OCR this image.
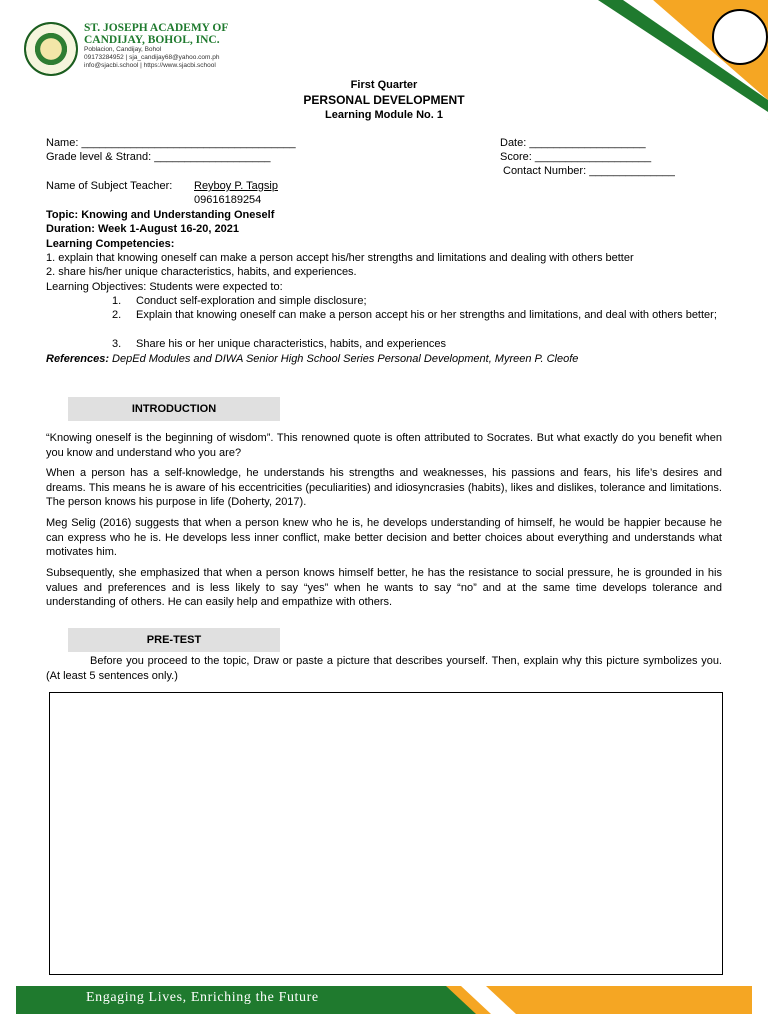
ST. JOSEPH ACADEMY OF
CANDIJAY, BOHOL, INC.
Poblacion, Candijay, Bohol
09173284952 | sja_candijay68@yahoo.com.ph
info@sjacbi.school | https://www.sjacbi.school
First Quarter
PERSONAL DEVELOPMENT
Learning Module No. 1
Name: ___________________________________
Grade level & Strand: ___________________
Date: ___________________
Score: ___________________
Contact Number: ______________
Name of Subject Teacher: Reyboy P. Tagsip
09616189254
Topic: Knowing and Understanding Oneself
Duration: Week 1-August 16-20, 2021
Learning Competencies:
1. explain that knowing oneself can make a person accept his/her strengths and limitations and dealing with others better
2. share his/her unique characteristics, habits, and experiences.
Learning Objectives: Students were expected to:
1. Conduct self-exploration and simple disclosure;
2. Explain that knowing oneself can make a person accept his or her strengths and limitations, and deal with others better;
3. Share his or her unique characteristics, habits, and experiences
References: DepEd Modules and DIWA Senior High School Series Personal Development, Myreen P. Cleofe
INTRODUCTION
“Knowing oneself is the beginning of wisdom”. This renowned quote is often attributed to Socrates. But what exactly do you benefit when you know and understand who you are?
When a person has a self-knowledge, he understands his strengths and weaknesses, his passions and fears, his life’s desires and dreams. This means he is aware of his eccentricities (peculiarities) and idiosyncrasies (habits), likes and dislikes, tolerance and limitations. The person knows his purpose in life (Doherty, 2017).
Meg Selig (2016) suggests that when a person knew who he is, he develops understanding of himself, he would be happier because he can express who he is. He develops less inner conflict, make better decision and better choices about everything and understands what motivates him.
Subsequently, she emphasized that when a person knows himself better, he has the resistance to social pressure, he is grounded in his values and preferences and is less likely to say “yes” when he wants to say “no” and at the same time develops tolerance and understanding of others. He can easily help and empathize with others.
PRE-TEST
Before you proceed to the topic, Draw or paste a picture that describes yourself. Then, explain why this picture symbolizes you. (At least 5 sentences only.)
Engaging Lives, Enriching the Future
